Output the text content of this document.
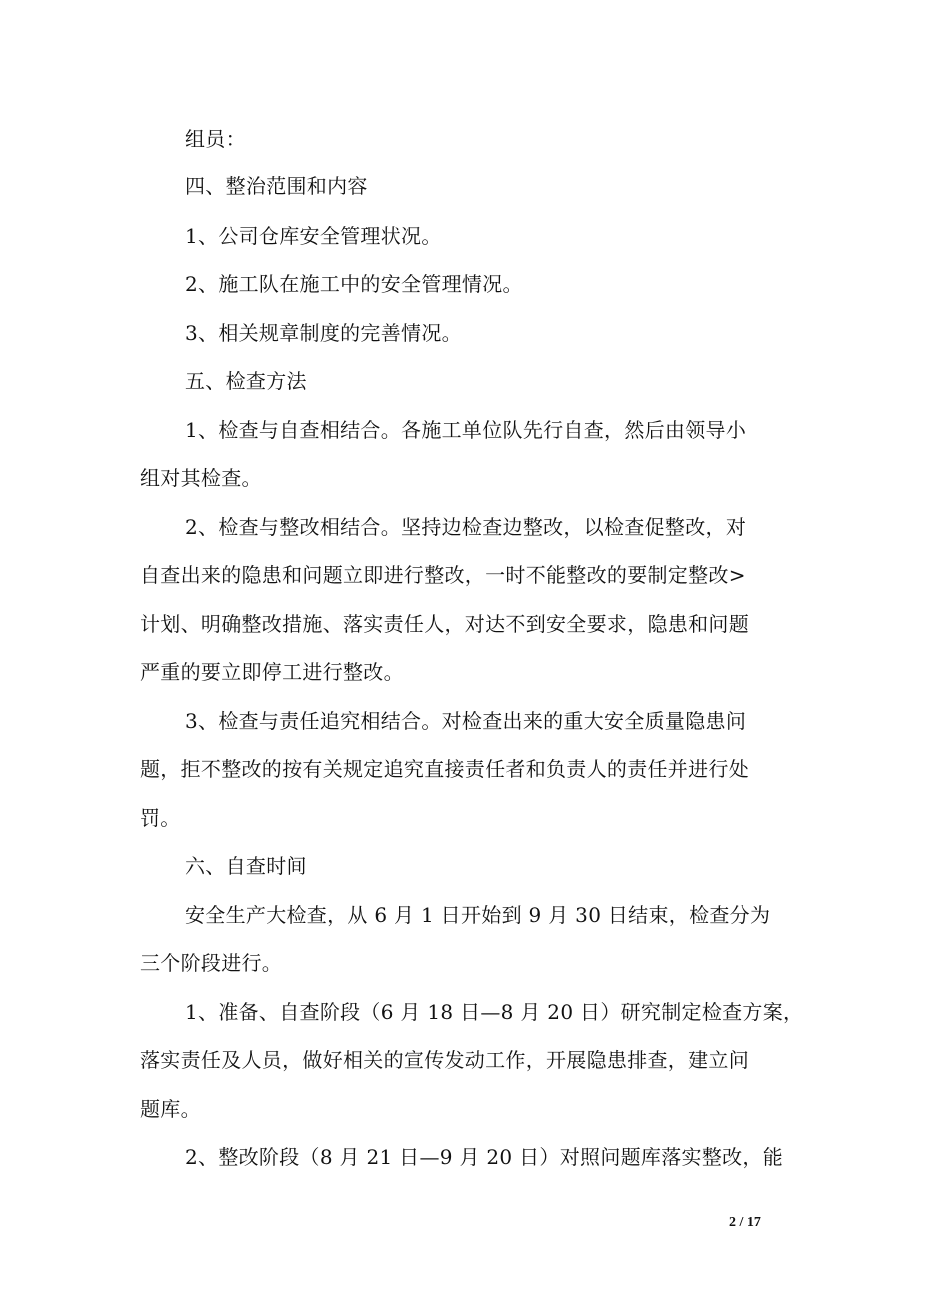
组员：
四、整治范围和内容
1、公司仓库安全管理状况。
2、施工队在施工中的安全管理情况。
3、相关规章制度的完善情况。
五、检查方法
1、检查与自查相结合。各施工单位队先行自查，然后由领导小
组对其检查。
2、检查与整改相结合。坚持边检查边整改，以检查促整改，对
自查出来的隐患和问题立即进行整改，一时不能整改的要制定整改>
计划、明确整改措施、落实责任人，对达不到安全要求，隐患和问题
严重的要立即停工进行整改。
3、检查与责任追究相结合。对检查出来的重大安全质量隐患问
题，拒不整改的按有关规定追究直接责任者和负责人的责任并进行处
罚。
六、自查时间
安全生产大检查，从 6 月 1 日开始到 9 月 30 日结束，检查分为
三个阶段进行。
1、准备、自查阶段（6 月 18 日—8 月 20 日）研究制定检查方案，
落实责任及人员，做好相关的宣传发动工作，开展隐患排查，建立问
题库。
2、整改阶段（8 月 21 日—9 月 20 日）对照问题库落实整改，能
2 / 17
